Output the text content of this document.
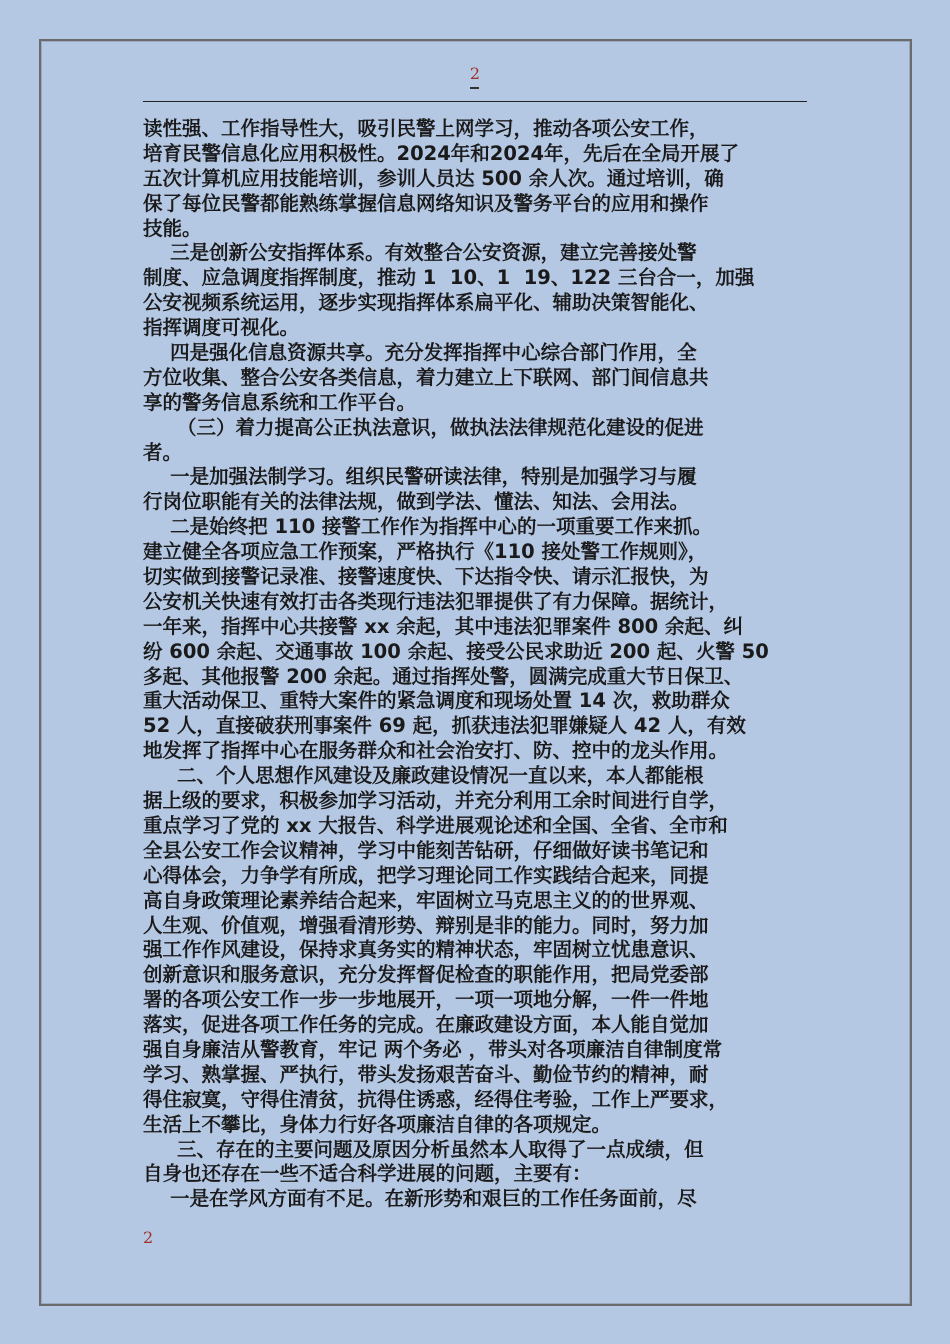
2
读性强、工作指导性大，吸引民警上网学习，推动各项公安工作，
培育民警信息化应用积极性。2024年和2024年，先后在全局开展了
五次计算机应用技能培训，参训人员达 500 余人次。通过培训，确
保了每位民警都能熟练掌握信息网络知识及警务平台的应用和操作
技能。
三是创新公安指挥体系。有效整合公安资源，建立完善接处警
制度、应急调度指挥制度，推动 1  10、1  19、122 三台合一，加强
公安视频系统运用，逐步实现指挥体系扁平化、辅助决策智能化、
指挥调度可视化。
四是强化信息资源共享。充分发挥指挥中心综合部门作用，全
方位收集、整合公安各类信息，着力建立上下联网、部门间信息共
享的警务信息系统和工作平台。
（三）着力提高公正执法意识，做执法法律规范化建设的促进
者。
一是加强法制学习。组织民警研读法律，特别是加强学习与履
行岗位职能有关的法律法规，做到学法、懂法、知法、会用法。
二是始终把 110 接警工作作为指挥中心的一项重要工作来抓。
建立健全各项应急工作预案，严格执行《110 接处警工作规则》，
切实做到接警记录准、接警速度快、下达指令快、请示汇报快，为
公安机关快速有效打击各类现行违法犯罪提供了有力保障。据统计，
一年来，指挥中心共接警 xx 余起，其中违法犯罪案件 800 余起、纠
纷 600 余起、交通事故 100 余起、接受公民求助近 200 起、火警 50
多起、其他报警 200 余起。通过指挥处警，圆满完成重大节日保卫、
重大活动保卫、重特大案件的紧急调度和现场处置 14 次，救助群众
52 人，直接破获刑事案件 69 起，抓获违法犯罪嫌疑人 42 人，有效
地发挥了指挥中心在服务群众和社会治安打、防、控中的龙头作用。
二、个人思想作风建设及廉政建设情况一直以来，本人都能根
据上级的要求，积极参加学习活动，并充分利用工余时间进行自学，
重点学习了党的 xx 大报告、科学进展观论述和全国、全省、全市和
全县公安工作会议精神，学习中能刻苦钻研，仔细做好读书笔记和
心得体会，力争学有所成，把学习理论同工作实践结合起来，同提
高自身政策理论素养结合起来，牢固树立马克思主义的的世界观、
人生观、价值观，增强看清形势、辩别是非的能力。同时，努力加
强工作作风建设，保持求真务实的精神状态，牢固树立忧患意识、
创新意识和服务意识，充分发挥督促检查的职能作用，把局党委部
署的各项公安工作一步一步地展开，一项一项地分解，一件一件地
落实，促进各项工作任务的完成。在廉政建设方面，本人能自觉加
强自身廉洁从警教育，牢记 两个务必 ，带头对各项廉洁自律制度常
学习、熟掌握、严执行，带头发扬艰苦奋斗、勤俭节约的精神，耐
得住寂寞，守得住清贫，抗得住诱惑，经得住考验，工作上严要求，
生活上不攀比，身体力行好各项廉洁自律的各项规定。
三、存在的主要问题及原因分析虽然本人取得了一点成绩，但
自身也还存在一些不适合科学进展的问题，主要有：
一是在学风方面有不足。在新形势和艰巨的工作任务面前，尽
2
